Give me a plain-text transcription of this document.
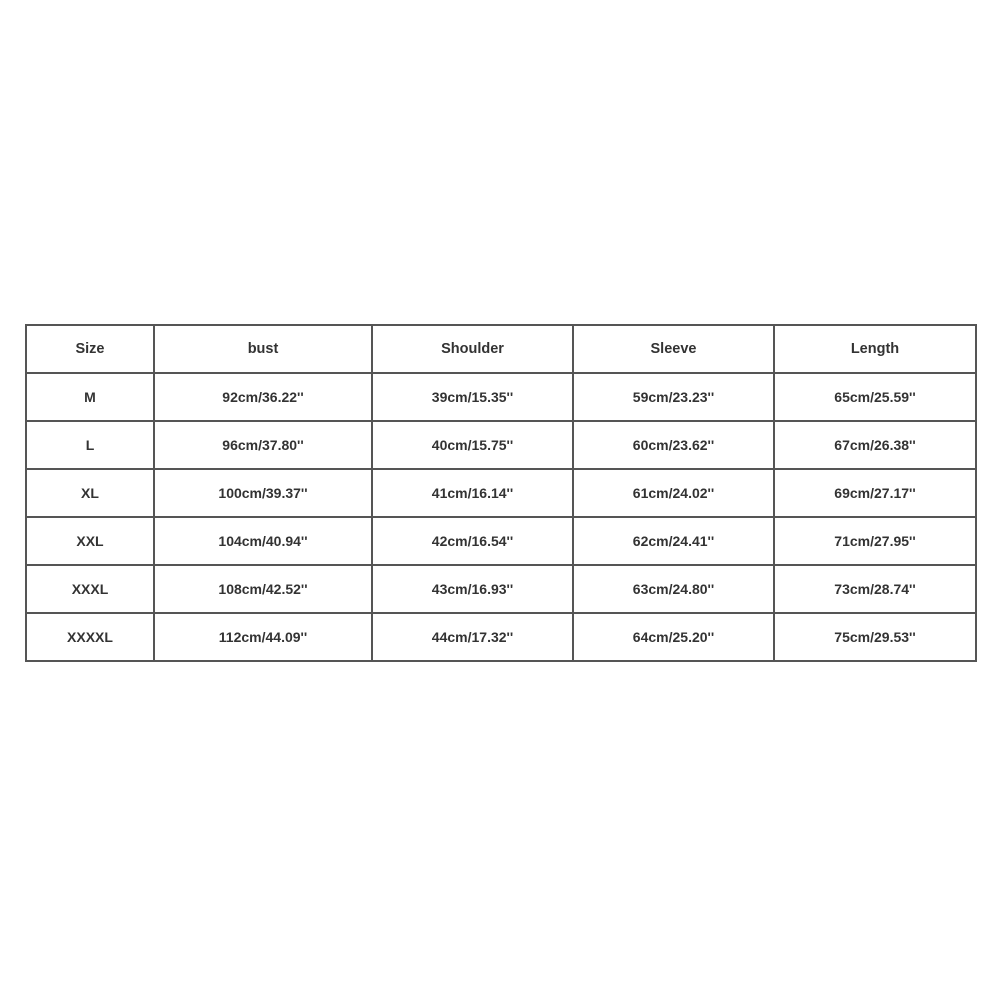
Size	bust	Shoulder	Sleeve	Length
M	92cm/36.22''	39cm/15.35''	59cm/23.23''	65cm/25.59''
L	96cm/37.80''	40cm/15.75''	60cm/23.62''	67cm/26.38''
XL	100cm/39.37''	41cm/16.14''	61cm/24.02''	69cm/27.17''
XXL	104cm/40.94''	42cm/16.54''	62cm/24.41''	71cm/27.95''
XXXL	108cm/42.52''	43cm/16.93''	63cm/24.80''	73cm/28.74''
XXXXL	112cm/44.09''	44cm/17.32''	64cm/25.20''	75cm/29.53''
